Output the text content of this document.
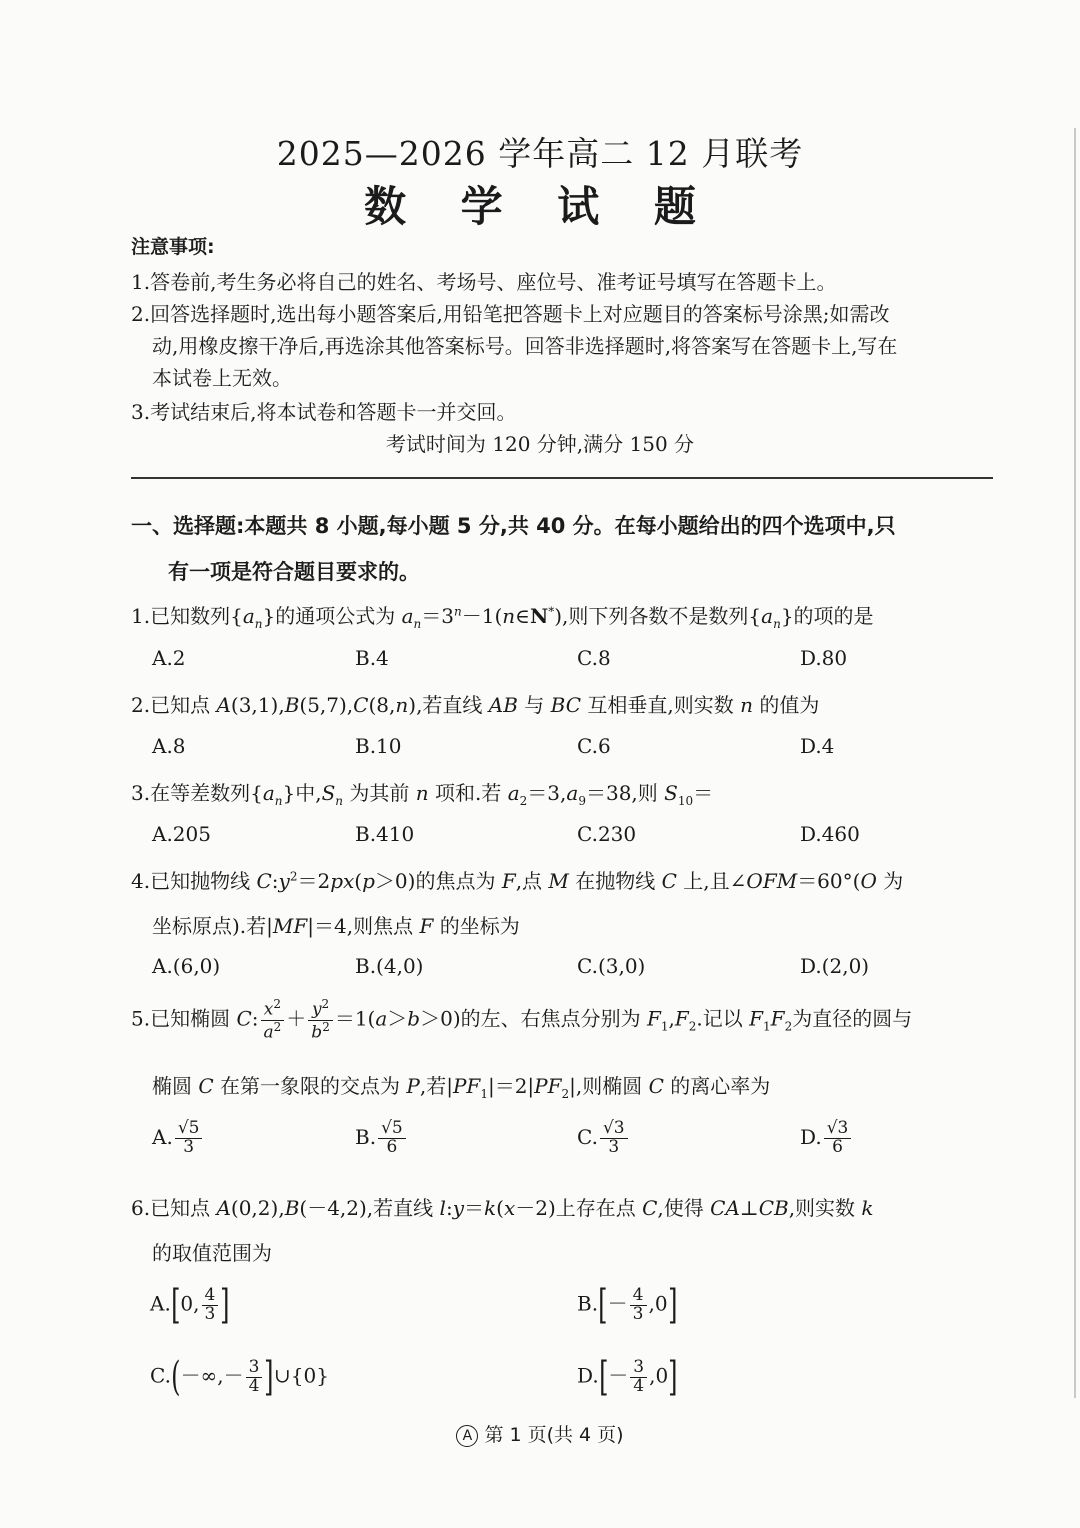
2025—2026 学年高二 12 月联考
数 学 试 题
注意事项:
1.答卷前,考生务必将自己的姓名、考场号、座位号、准考证号填写在答题卡上。
2.回答选择题时,选出每小题答案后,用铅笔把答题卡上对应题目的答案标号涂黑;如需改
动,用橡皮擦干净后,再选涂其他答案标号。回答非选择题时,将答案写在答题卡上,写在
本试卷上无效。
3.考试结束后,将本试卷和答题卡一并交回。
考试时间为 120 分钟,满分 150 分
一、选择题:本题共 8 小题,每小题 5 分,共 40 分。在每小题给出的四个选项中,只
有一项是符合题目要求的。
1.已知数列$\{a_n\}$的通项公式为 $a_n=3^n-1(n\in N^*)$,则下列各数不是数列$\{a_n\}$的项的是
A.2	B.4	C.8	D.80
2.已知点 A(3,1),B(5,7),C(8,n),若直线 AB 与 BC 互相垂直,则实数 n 的值为
A.8	B.10	C.6	D.4
3.在等差数列$\{a_n\}$中$,S_n$ 为其前 n 项和.若 $a_2=3,a_9=38$,则 $S_{10}=$
A.205	B.410	C.230	D.460
4.已知抛物线 $C:y^2=2px(p>0)$的焦点为 F,点 M 在抛物线 C 上,且∠OFM＝60°(O 为
坐标原点).若|MF|＝4,则焦点 F 的坐标为
A.(6,0)	B.(4,0)	C.(3,0)	D.(2,0)
5.已知椭圆 C: $\frac{x^2}{a^2} + \frac{y^2}{b^2} =1(a>b>0)$的左、右焦点分别为 $F_1,F_2$.记以 $F_1F_2$为直径的圆与
椭圆 C 在第一象限的交点为 P,若$|PF_1|=2|PF_2|$,则椭圆 C 的离心率为
A. $\frac{√5}{3}$	B. $\frac{√5}{6}$	C. $\frac{√3}{3}$	D. $\frac{√3}{6}$
6.已知点 A(0,2),B(－4,2),若直线 l:y＝k(x－2)上存在点 C,使得 CA⊥CB,则实数 k
的取值范围为
A.[0, $\frac{4}{3}$ ]	$B.[- \frac{4}{3} ,0]$
$C.(-\infty,- \frac{3}{4}$ ]∪{0}	$D.[- \frac{3}{4} ,0]$
A 第 1 页(共 4 页)
